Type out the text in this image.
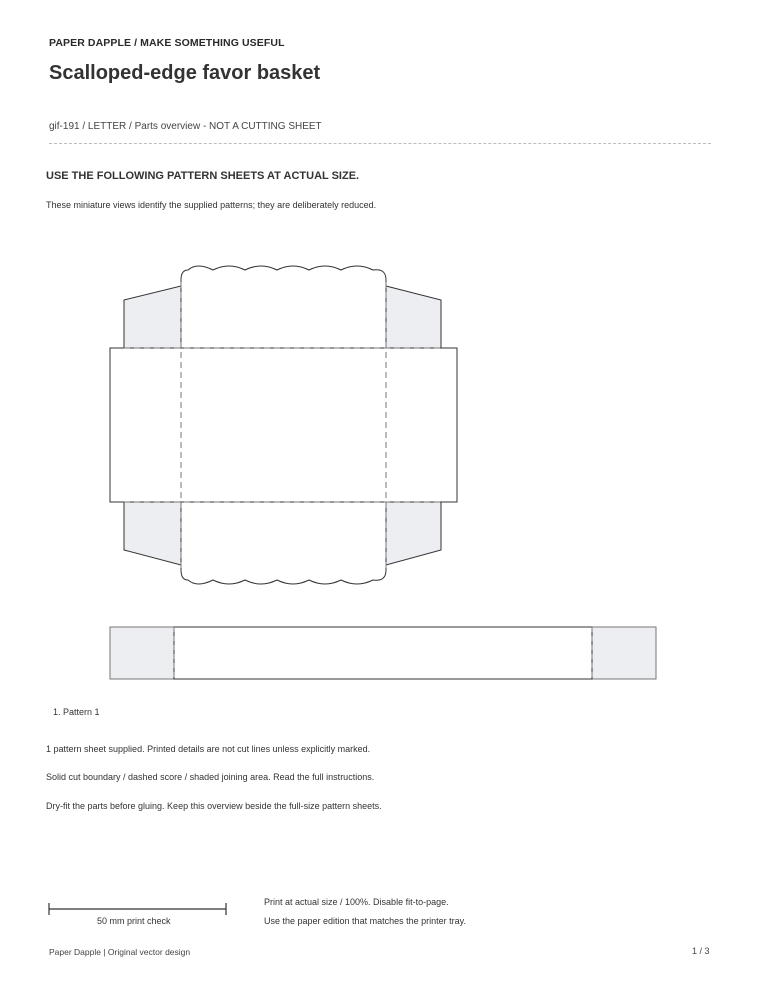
PAPER DAPPLE / MAKE SOMETHING USEFUL
Scalloped-edge favor basket
gif-191 / LETTER / Parts overview - NOT A CUTTING SHEET
USE THE FOLLOWING PATTERN SHEETS AT ACTUAL SIZE.
These miniature views identify the supplied patterns; they are deliberately reduced.
1. Pattern 1
1 pattern sheet supplied. Printed details are not cut lines unless explicitly marked.
Solid cut boundary / dashed score / shaded joining area. Read the full instructions.
Dry-fit the parts before gluing. Keep this overview beside the full-size pattern sheets.
50 mm print check
Print at actual size / 100%. Disable fit-to-page.
Use the paper edition that matches the printer tray.
Paper Dapple | Original vector design	1 / 3
